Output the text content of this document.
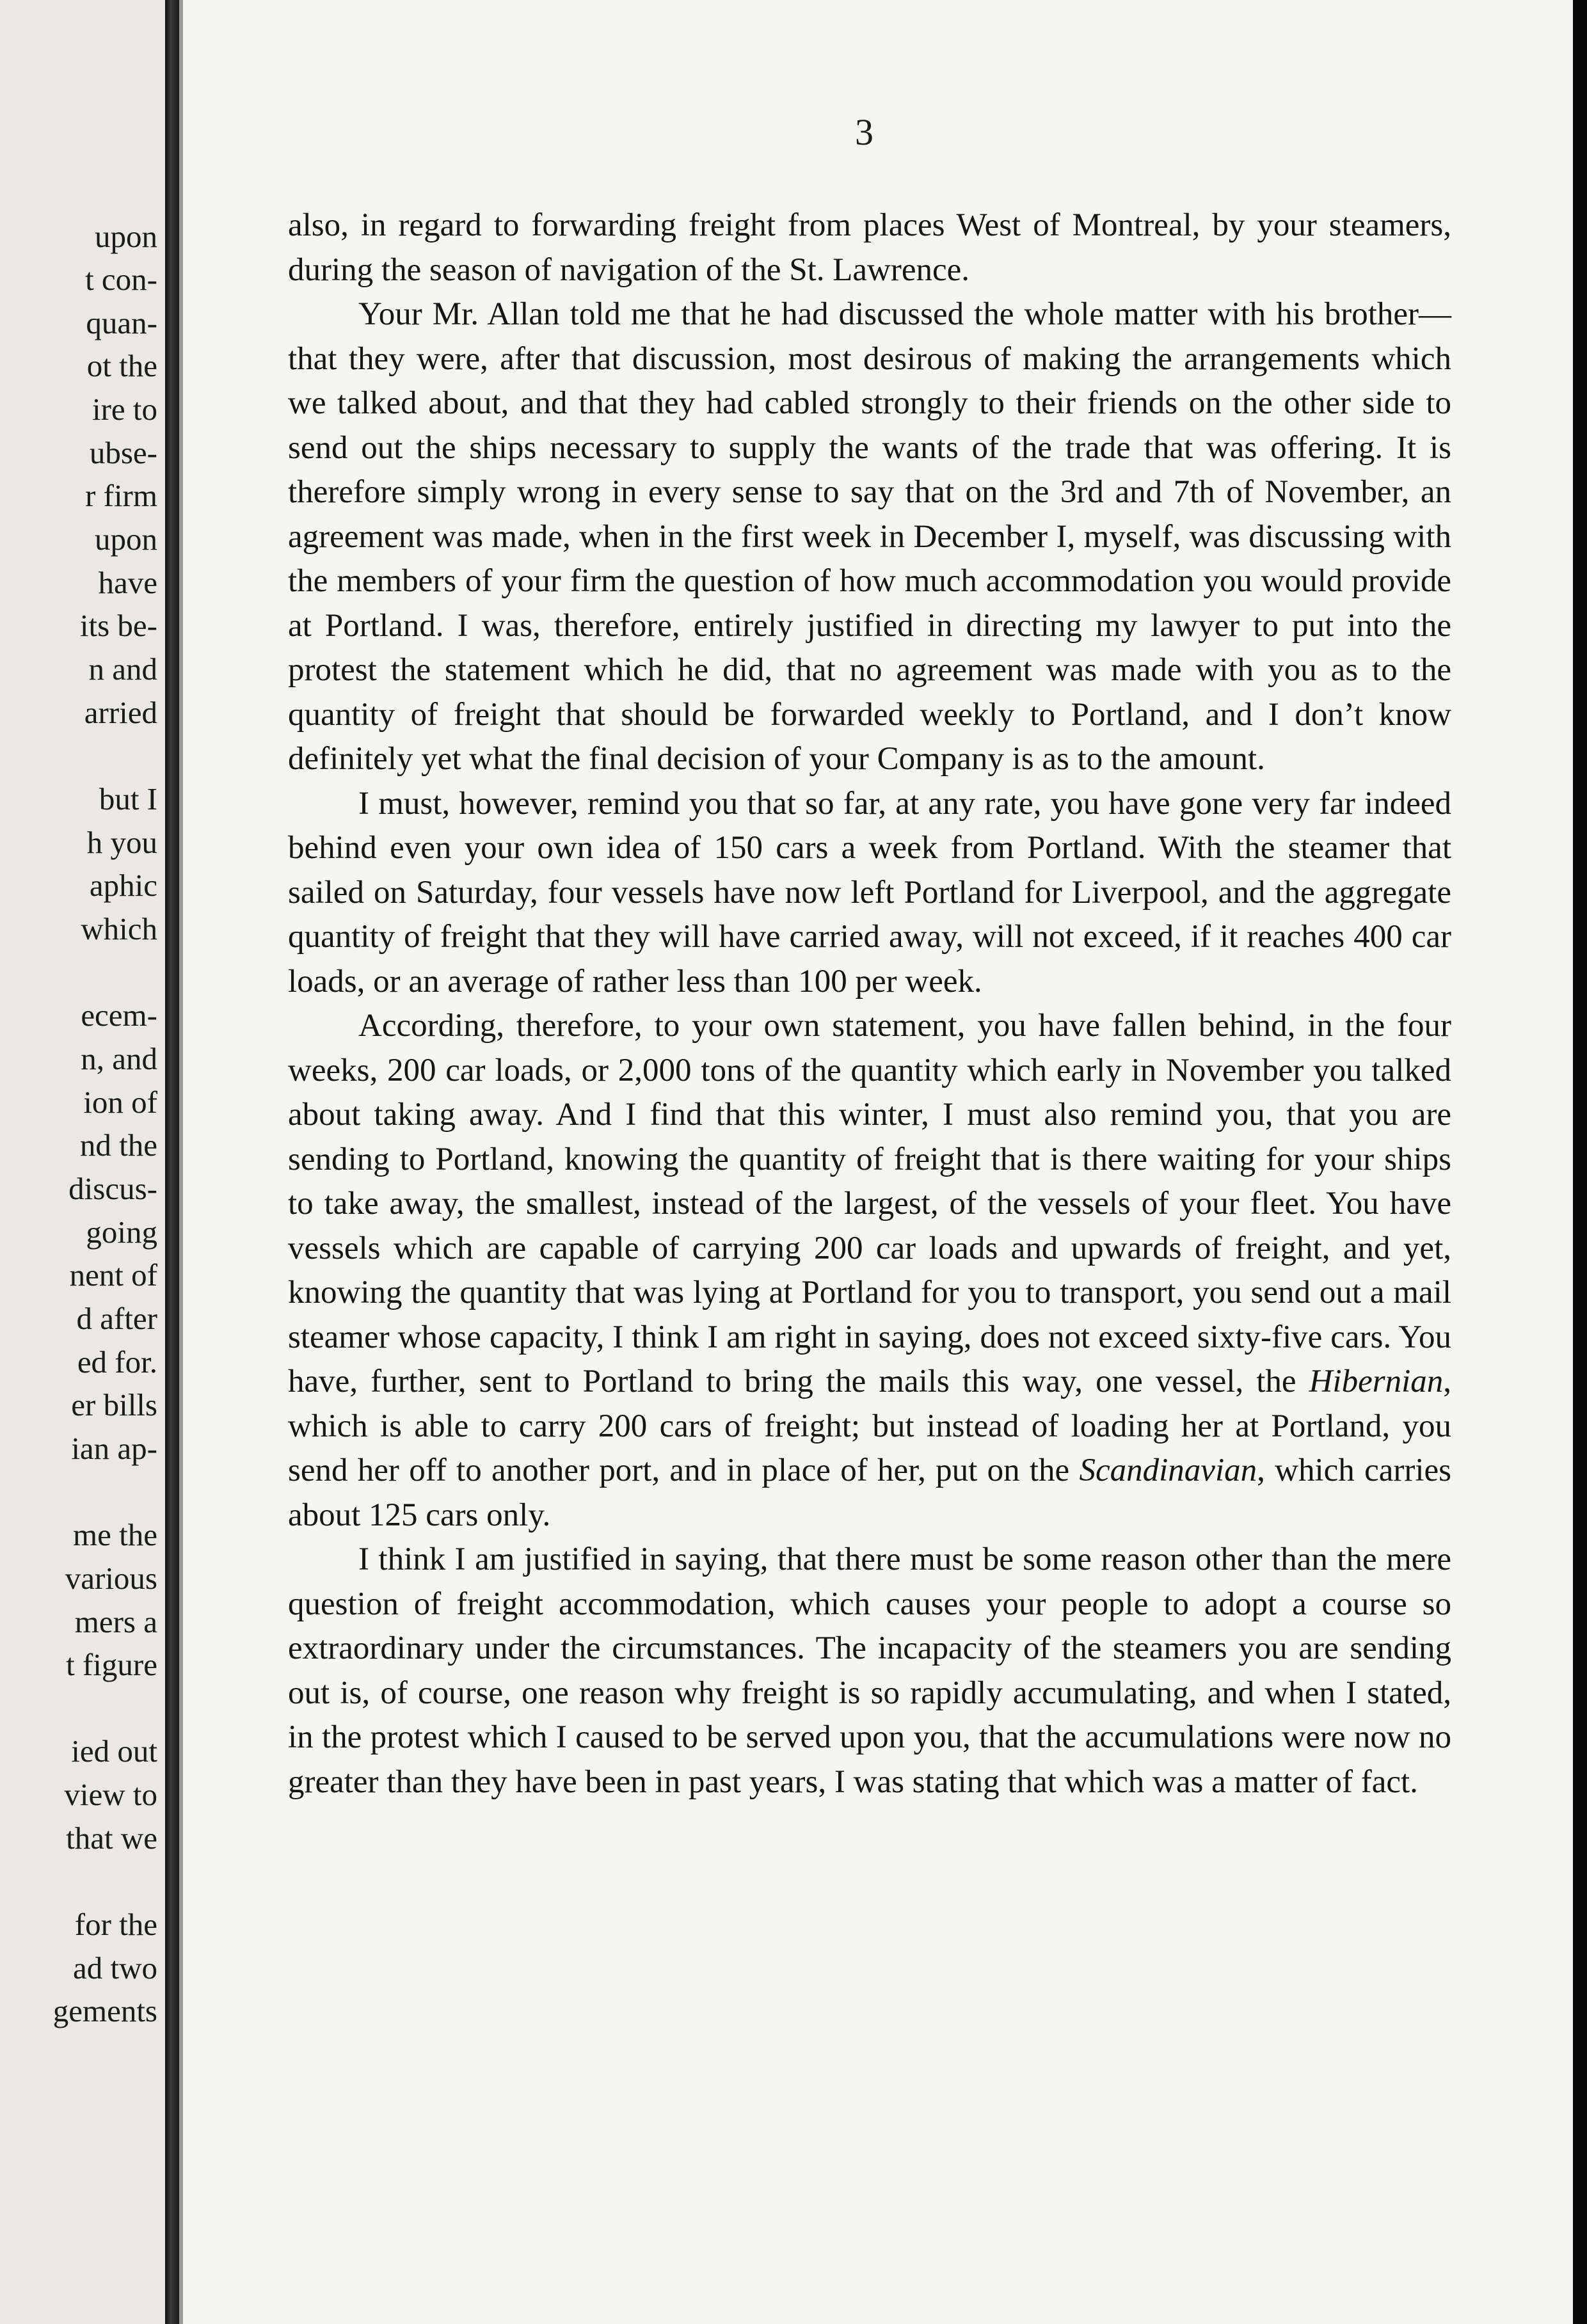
upon
t con-
quan-
ot the
ire to
ubse-
r firm
upon
have
its be-
n and
arried
but I
h you
aphic
which
ecem-
n, and
ion of
nd the
discus-
going
nent of
d after
ed for.
er bills
ian ap-
me the
various
mers a
t figure
ied out
view to
that we
for the
ad two
gements
3

also, in regard to forwarding freight from places West of Montreal, by your steamers, during the season of navigation of the St. Lawrence.

Your Mr. Allan told me that he had discussed the whole matter with his brother—that they were, after that discussion, most desirous of making the arrangements which we talked about, and that they had cabled strongly to their friends on the other side to send out the ships necessary to supply the wants of the trade that was offering. It is therefore simply wrong in every sense to say that on the 3rd and 7th of November, an agreement was made, when in the first week in December I, myself, was discussing with the members of your firm the question of how much accommodation you would provide at Portland. I was, therefore, entirely justified in directing my lawyer to put into the protest the statement which he did, that no agreement was made with you as to the quantity of freight that should be forwarded weekly to Portland, and I don’t know definitely yet what the final decision of your Company is as to the amount.

I must, however, remind you that so far, at any rate, you have gone very far indeed behind even your own idea of 150 cars a week from Portland. With the steamer that sailed on Saturday, four vessels have now left Portland for Liverpool, and the aggregate quantity of freight that they will have carried away, will not exceed, if it reaches 400 car loads, or an average of rather less than 100 per week.

According, therefore, to your own statement, you have fallen behind, in the four weeks, 200 car loads, or 2,000 tons of the quantity which early in November you talked about taking away. And I find that this winter, I must also remind you, that you are sending to Portland, knowing the quantity of freight that is there waiting for your ships to take away, the smallest, instead of the largest, of the vessels of your fleet. You have vessels which are capable of carrying 200 car loads and upwards of freight, and yet, knowing the quantity that was lying at Portland for you to transport, you send out a mail steamer whose capacity, I think I am right in saying, does not exceed sixty-five cars. You have, further, sent to Portland to bring the mails this way, one vessel, the Hibernian, which is able to carry 200 cars of freight; but instead of loading her at Portland, you send her off to another port, and in place of her, put on the Scandinavian, which carries about 125 cars only.

I think I am justified in saying, that there must be some reason other than the mere question of freight accommodation, which causes your people to adopt a course so extraordinary under the circumstances. The incapacity of the steamers you are sending out is, of course, one reason why freight is so rapidly accumulating, and when I stated, in the protest which I caused to be served upon you, that the accumulations were now no greater than they have been in past years, I was stating that which was a matter of fact.
